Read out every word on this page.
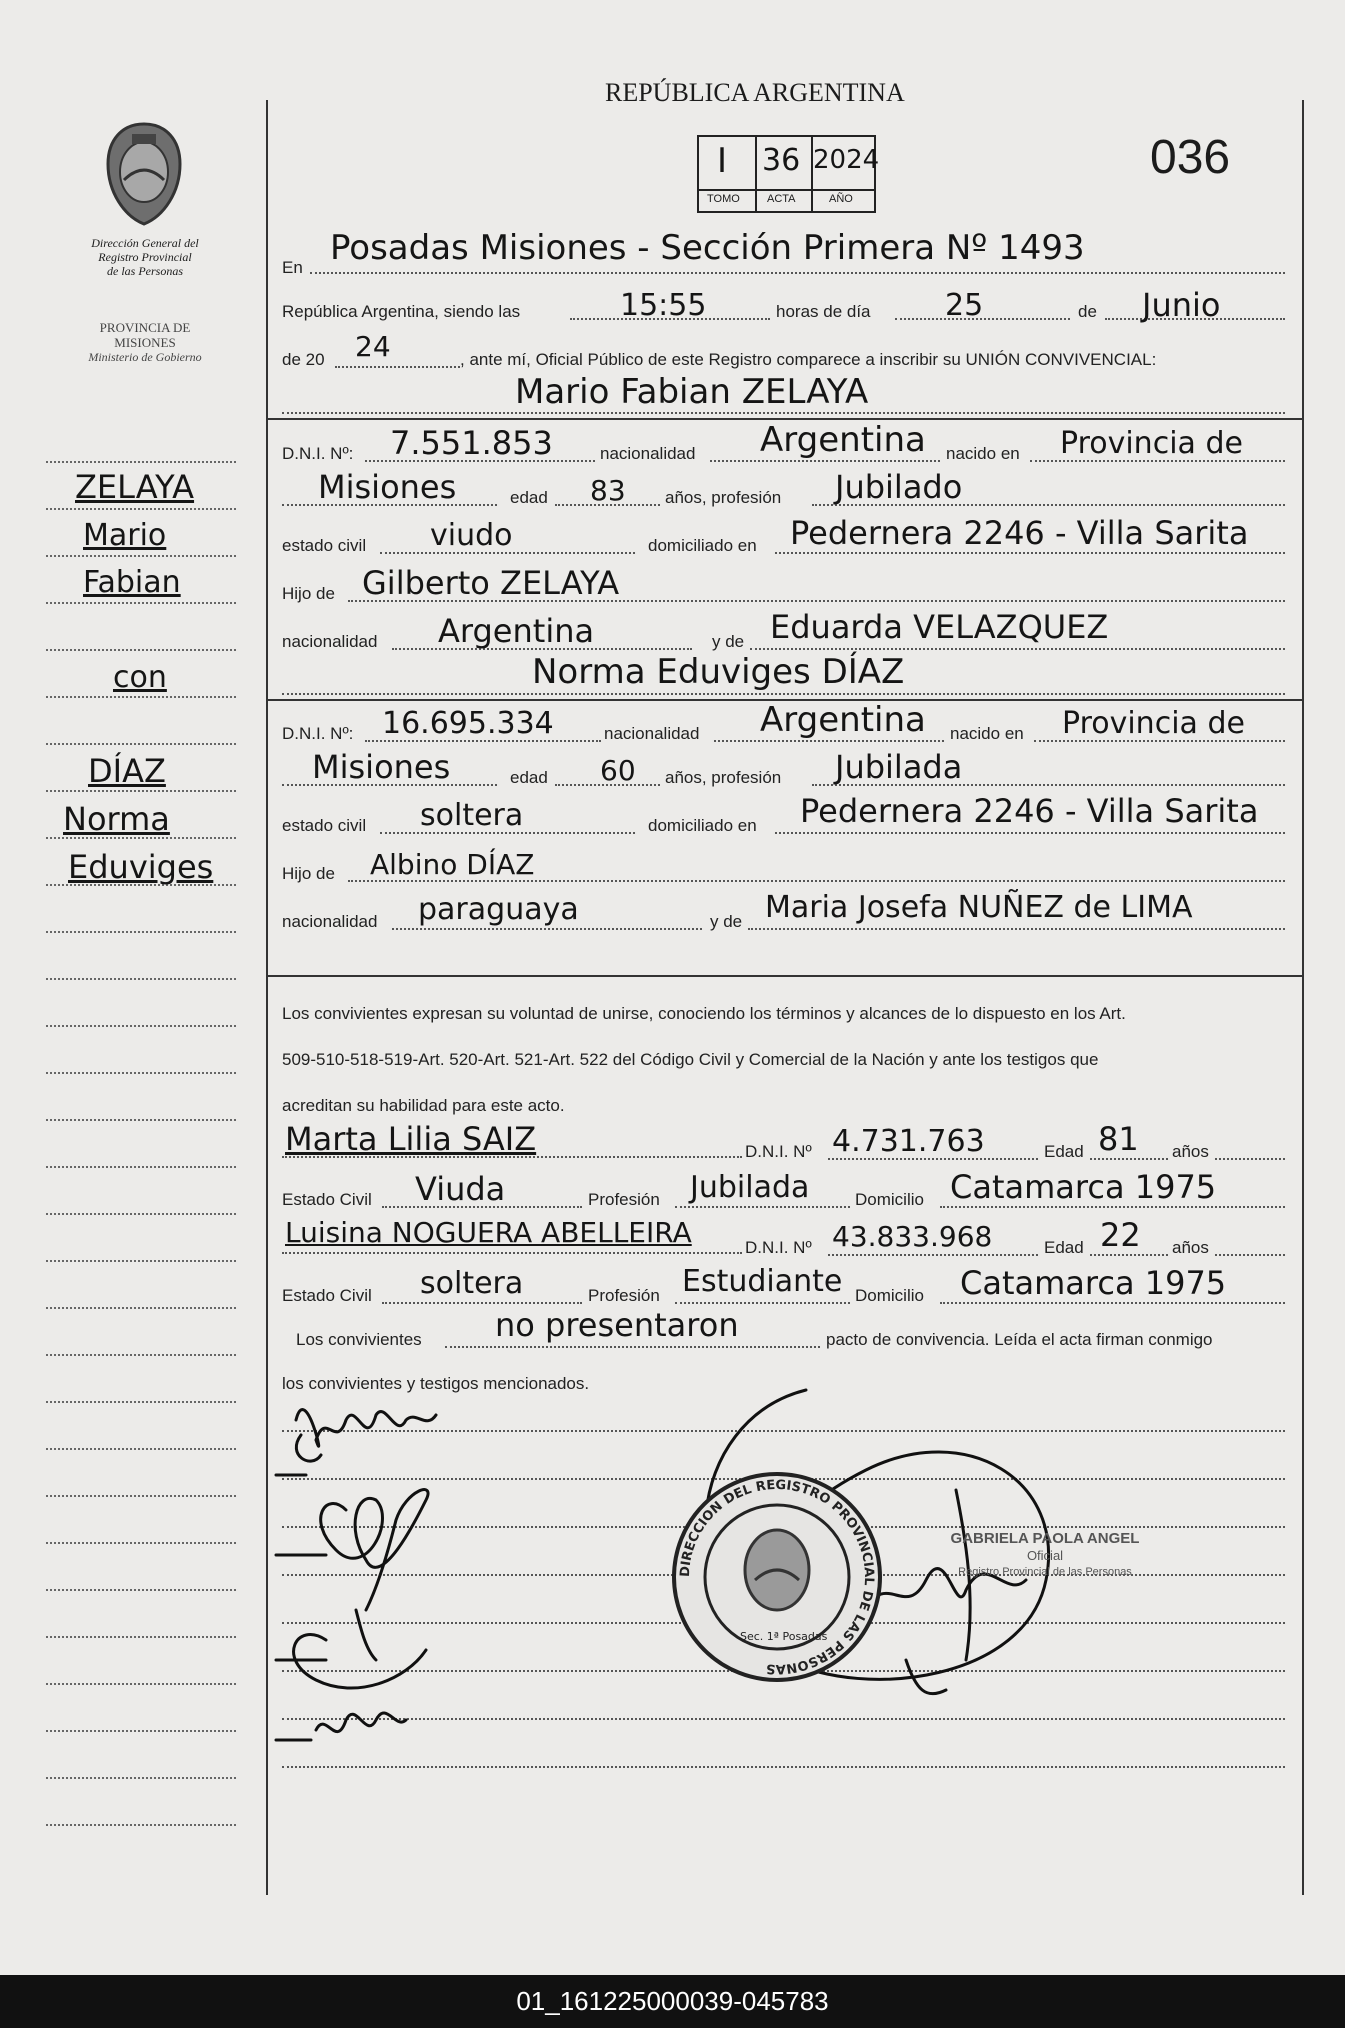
REPÚBLICA ARGENTINA
036
I 36 2024
TOMO ACTA	AÑO
Dirección General del
Registro Provincial
de las Personas
PROVINCIA DE
MISIONES
Ministerio de Gobierno
ZELAYA
Mario
Fabian
con
DÍAZ
Norma
Eduviges
En Posadas Misiones - Sección Primera Nº 1493
República Argentina, siendo las	15:55	horas de día 25	de Junio
de 20 24	, ante mí, Oficial Público de este Registro comparece a inscribir su UNIÓN CONVIVENCIAL:
Mario Fabian ZELAYA
D.N.I. Nº: 7.551.853	nacionalidad Argentina nacido en Provincia de
Misiones	edad 83 años, profesión Jubilado
estado civil viudo	domiciliado en Pedernera 2246 - Villa Sarita
Hijo de Gilberto ZELAYA
nacionalidad Argentina	y de Eduarda VELAZQUEZ
Norma Eduviges DÍAZ
D.N.I. Nº: 16.695.334	nacionalidad Argentina nacido en Provincia de
Misiones	edad 60 años, profesión Jubilada
estado civil soltera	domiciliado en Pedernera 2246 - Villa Sarita
Hijo de Albino DÍAZ
nacionalidad paraguaya	y de Maria Josefa NUÑEZ de LIMA
Los convivientes expresan su voluntad de unirse, conociendo los términos y alcances de lo dispuesto en los Art.
509-510-518-519-Art. 520-Art. 521-Art. 522 del Código Civil y Comercial de la Nación y ante los testigos que
acreditan su habilidad para este acto.
Marta Lilia SAIZ	D.N.I. Nº 4.731.763	Edad 81 años
Estado Civil Viuda	Profesión Jubilada	Domicilio Catamarca 1975
Luisina NOGUERA ABELLEIRA	D.N.I. Nº 43.833.968	Edad 22 años
Estado Civil soltera	Profesión Estudiante Domicilio Catamarca 1975
Los convivientes no presentaron	pacto de convivencia. Leída el acta firman conmigo
los convivientes y testigos mencionados.
DIRECCION DEL REGISTRO PROVINCIAL DE LAS PERSONAS
Sec. 1ª Posadas
GABRIELA PAOLA ANGEL
Oficial
Registro Provincial de las Personas
01_161225000039-045783
